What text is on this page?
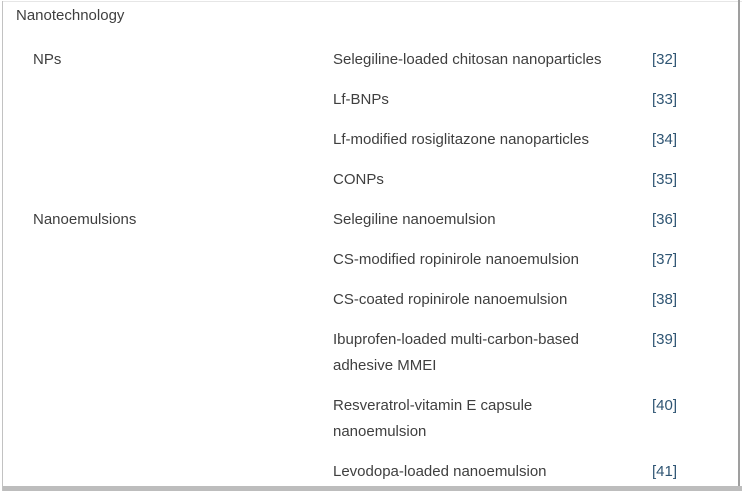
Nanotechnology		
NPs	Selegiline-loaded chitosan nanoparticles	[32]
	Lf-BNPs	[33]
	Lf-modified rosiglitazone nanoparticles	[34]
	CONPs	[35]
Nanoemulsions	Selegiline nanoemulsion	[36]
	CS-modified ropinirole nanoemulsion	[37]
	CS-coated ropinirole nanoemulsion	[38]
	Ibuprofen-loaded multi-carbon-based adhesive MMEI	[39]
	Resveratrol-vitamin E capsule nanoemulsion	[40]
	Levodopa-loaded nanoemulsion	[41]
